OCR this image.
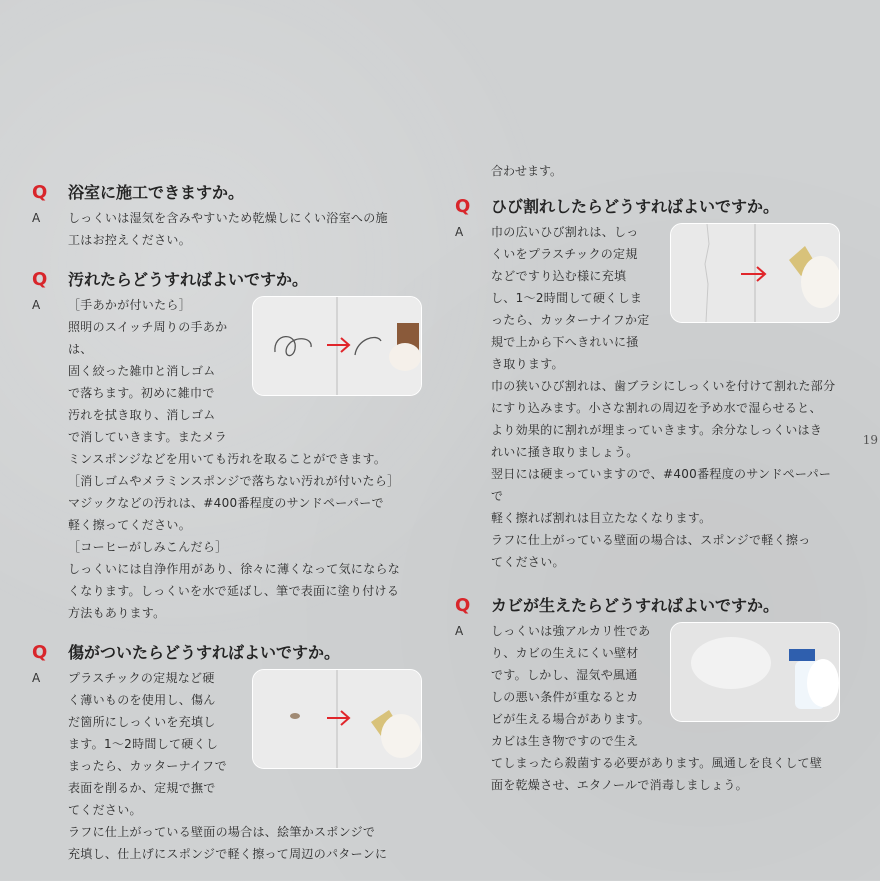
Q	浴室に施工できますか。
A	しっくいは湿気を含みやすいため乾燥しにくい浴室への施

工はお控えください。

Q	汚れたらどうすればよいですか。
A	［手あかが付いたら］

照明のスイッチ周りの手あかは、

固く絞った雑巾と消しゴム

で落ちます。初めに雑巾で

汚れを拭き取り、消しゴム

で消していきます。またメラ

ミンスポンジなどを用いても汚れを取ることができます。

［消しゴムやメラミンスポンジで落ちない汚れが付いたら］

マジックなどの汚れは、#400番程度のサンドペーパーで

軽く擦ってください。

［コーヒーがしみこんだら］

しっくいには自浄作用があり、徐々に薄くなって気にならな

くなります。しっくいを水で延ばし、筆で表面に塗り付ける

方法もあります。

Q	傷がついたらどうすればよいですか。
A	プラスチックの定規など硬

く薄いものを使用し、傷ん

だ箇所にしっくいを充填し

ます。1〜2時間して硬くし

まったら、カッターナイフで

表面を削るか、定規で撫で

てください。

ラフに仕上がっている壁面の場合は、絵筆かスポンジで

充填し、仕上げにスポンジで軽く擦って周辺のパターンに

合わせます。
Q	ひび割れしたらどうすればよいですか。
A	巾の広いひび割れは、しっ

くいをプラスチックの定規

などですり込む様に充填

し、1〜2時間して硬くしま

ったら、カッターナイフか定

規で上から下へきれいに掻

き取ります。

巾の狭いひび割れは、歯ブラシにしっくいを付けて割れた部分

にすり込みます。小さな割れの周辺を予め水で湿らせると、

より効果的に割れが埋まっていきます。余分なしっくいはき

れいに掻き取りましょう。

翌日には硬まっていますので、#400番程度のサンドペーパーで

軽く擦れば割れは目立たなくなります。

ラフに仕上がっている壁面の場合は、スポンジで軽く擦っ

てください。

Q	カビが生えたらどうすればよいですか。
A	しっくいは強アルカリ性であ

り、カビの生えにくい壁材

です。しかし、湿気や風通

しの悪い条件が重なるとカ

ビが生える場合があります。

カビは生き物ですので生え

てしまったら殺菌する必要があります。風通しを良くして壁

面を乾燥させ、エタノールで消毒しましょう。

19
